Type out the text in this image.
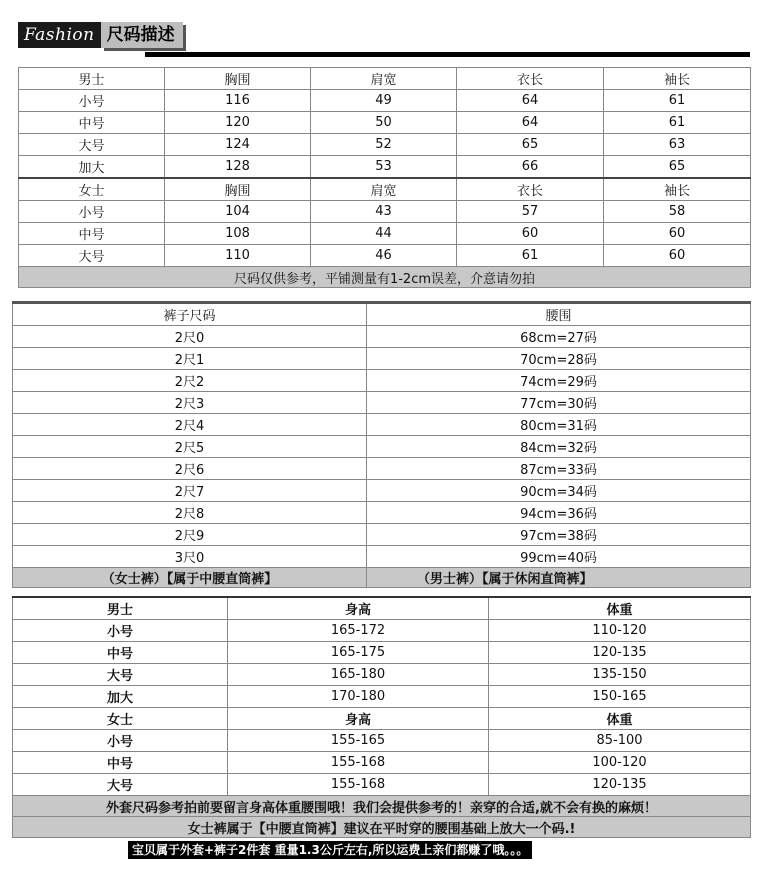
Fashion 尺码描述
男士	胸围	肩宽	衣长	袖长
小号	116	49	64	61
中号	120	50	64	61
大号	124	52	65	63
加大	128	53	66	65
女士	胸围	肩宽	衣长	袖长
小号	104	43	57	58
中号	108	44	60	60
大号	110	46	61	60
尺码仅供参考，平铺测量有1-2cm误差，介意请勿拍				
裤子尺码	腰围
2尺0	68cm=27码
2尺1	70cm=28码
2尺2	74cm=29码
2尺3	77cm=30码
2尺4	80cm=31码
2尺5	84cm=32码
2尺6	87cm=33码
2尺7	90cm=34码
2尺8	94cm=36码
2尺9	97cm=38码
3尺0	99cm=40码
（女士裤）【属于中腰直筒裤】	（男士裤）【属于休闲直筒裤】
男士	身高	体重
小号	165-172	110-120
中号	165-175	120-135
大号	165-180	135-150
加大	170-180	150-165
女士	身高	体重
小号	155-165	85-100
中号	155-168	100-120
大号	155-168	120-135
外套尺码参考拍前要留言身高体重腰围哦！我们会提供参考的！亲穿的合适,就不会有换的麻烦！		
女士裤属于【中腰直筒裤】建议在平时穿的腰围基础上放大一个码.!		
宝贝属于外套+裤子2件套 重量1.3公斤左右,所以运费上亲们都赚了哦。。。
